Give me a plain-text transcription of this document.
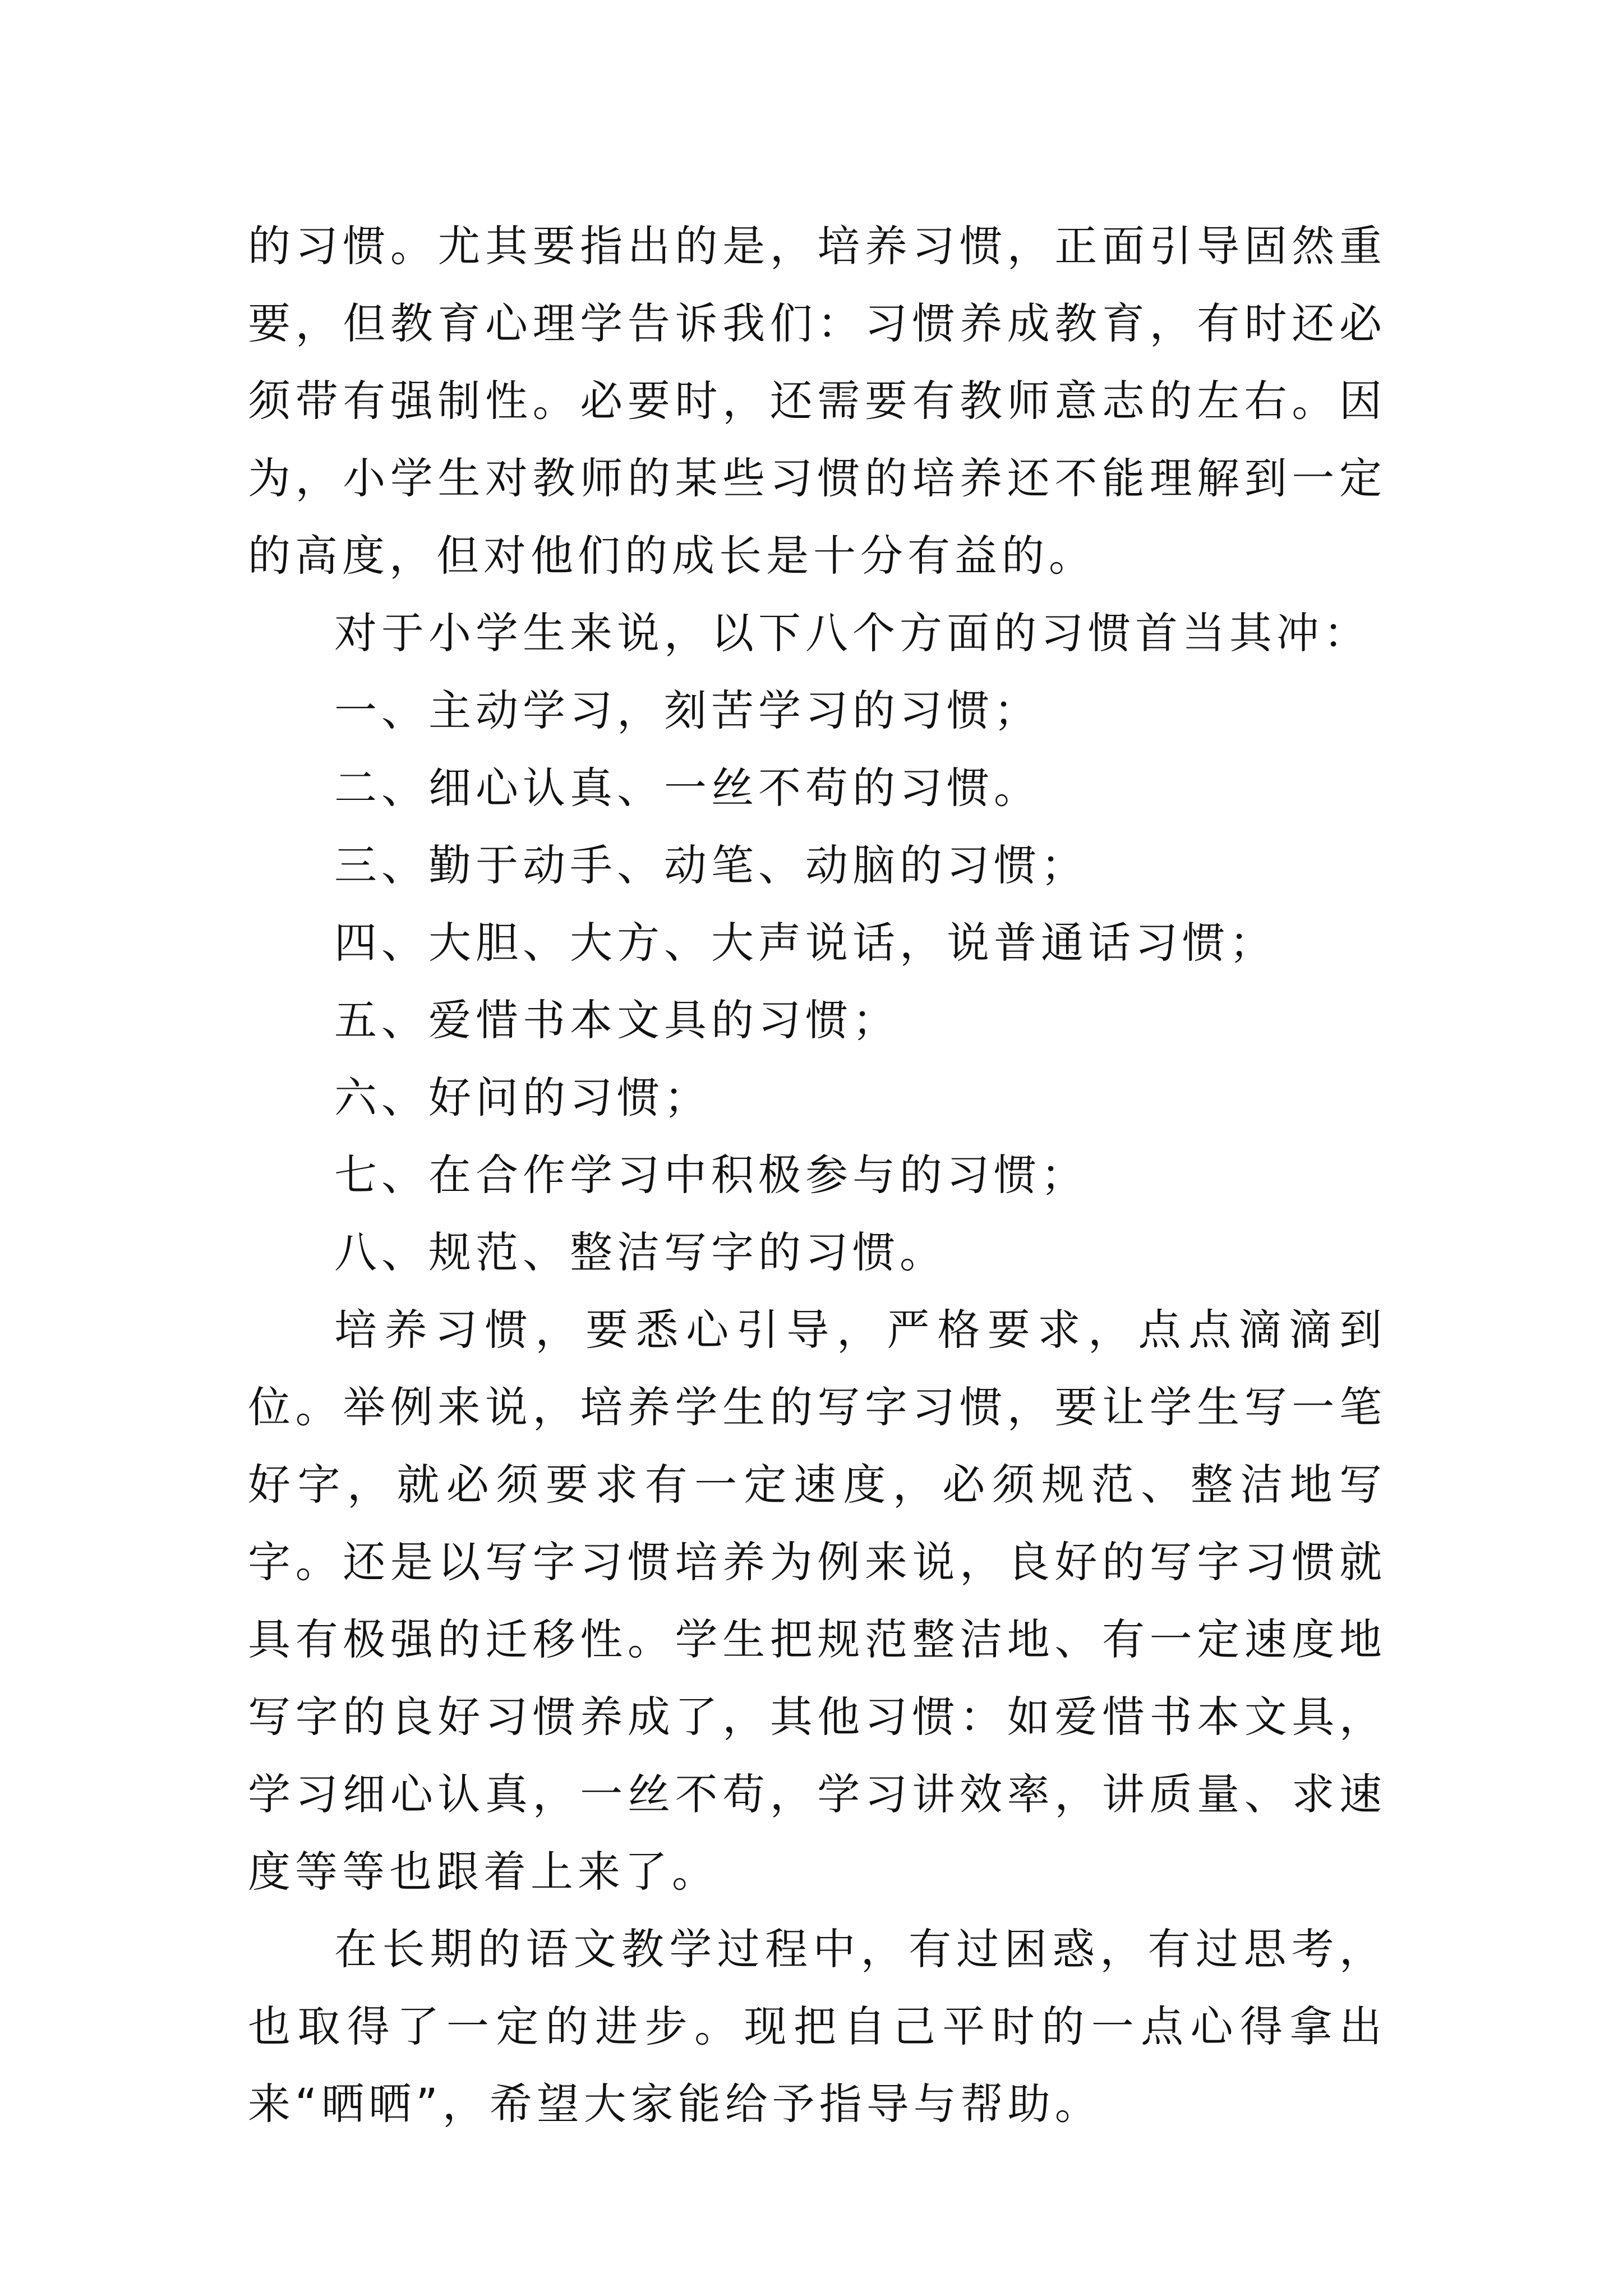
的习惯。尤其要指出的是，培养习惯，正面引导固然重要，但教育心理学告诉我们：习惯养成教育，有时还必须带有强制性。必要时，还需要有教师意志的左右。因为，小学生对教师的某些习惯的培养还不能理解到一定的高度，但对他们的成长是十分有益的。

对于小学生来说，以下八个方面的习惯首当其冲：

一、主动学习，刻苦学习的习惯；

二、细心认真、一丝不苟的习惯。

三、勤于动手、动笔、动脑的习惯；

四、大胆、大方、大声说话，说普通话习惯；

五、爱惜书本文具的习惯；

六、好问的习惯；

七、在合作学习中积极参与的习惯；

八、规范、整洁写字的习惯。

培养习惯，要悉心引导，严格要求，点点滴滴到位。举例来说，培养学生的写字习惯，要让学生写一笔好字，就必须要求有一定速度，必须规范、整洁地写字。还是以写字习惯培养为例来说，良好的写字习惯就具有极强的迁移性。学生把规范整洁地、有一定速度地写字的良好习惯养成了，其他习惯：如爱惜书本文具，学习细心认真，一丝不苟，学习讲效率，讲质量、求速度等等也跟着上来了。

在长期的语文教学过程中，有过困惑，有过思考，也取得了一定的进步。现把自己平时的一点心得拿出来“晒晒”，希望大家能给予指导与帮助。
